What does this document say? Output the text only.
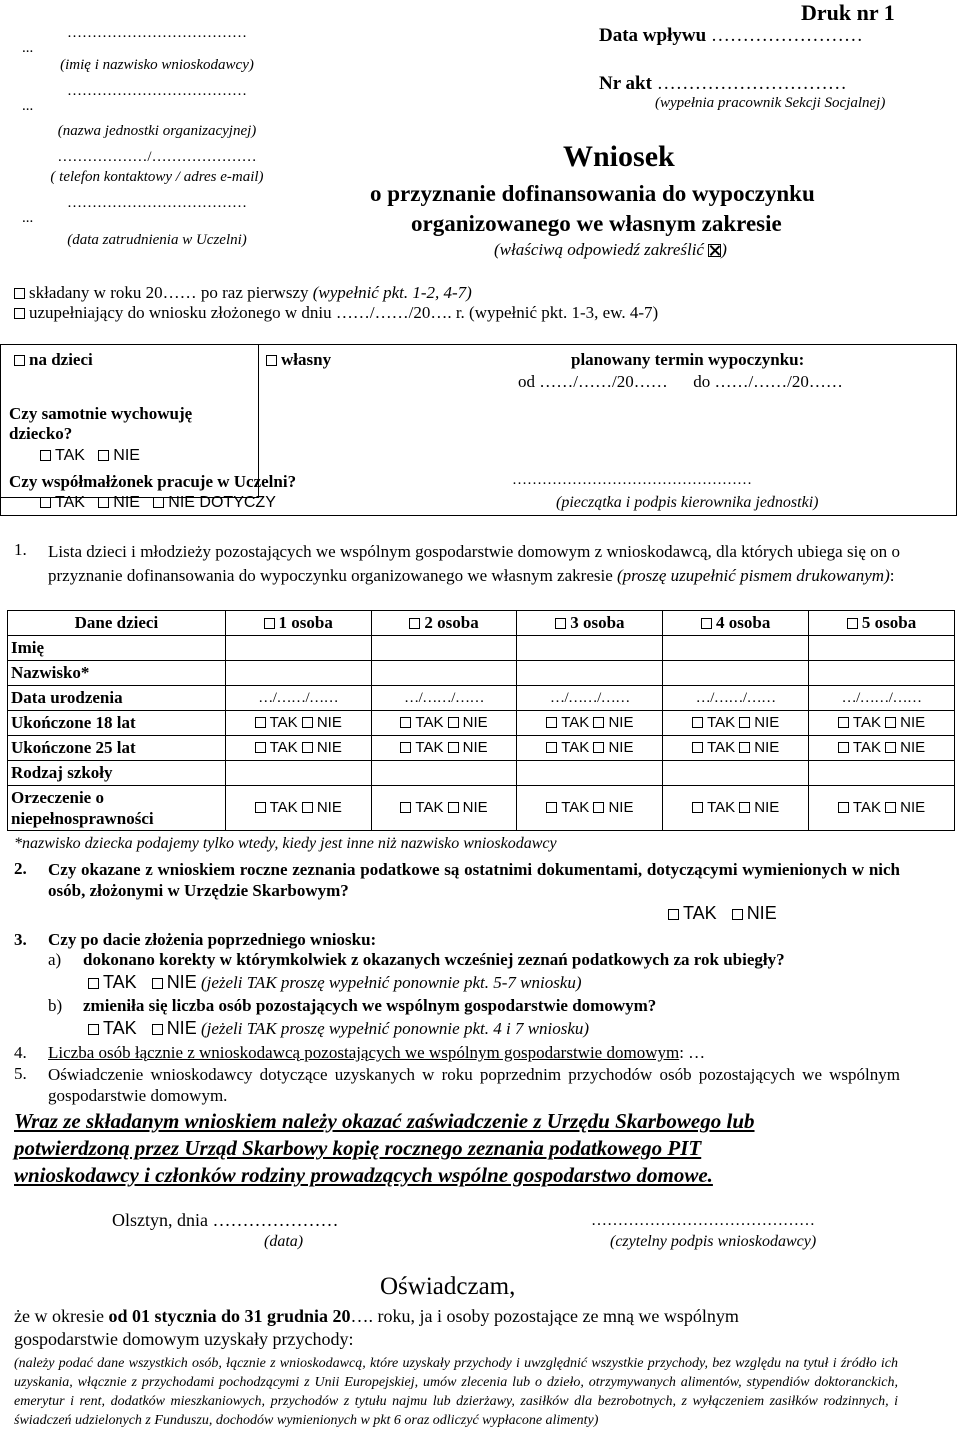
Druk nr 1
………………………………
...
(imię i nazwisko wnioskodawcy)
………………………………
...
(nazwa jednostki organizacyjnej)
………………/…………………
( telefon kontaktowy / adres e-mail)
………………………………
...
(data zatrudnienia w Uczelni)
Data wpływu ……………………
Nr akt …………………………
(wypełnia pracownik Sekcji Socjalnej)
Wniosek
o przyznanie dofinansowania do wypoczynku
organizowanego we własnym zakresie
(właściwą odpowiedź zakreślić )
składany w roku 20…… po raz pierwszy (wypełnić pkt. 1-2, 4-7)
uzupełniający do wniosku złożonego w dniu ……/……/20…. r. (wypełnić pkt. 1-3, ew. 4-7)
na dzieci	własny
Czy samotnie wychowuję dziecko?
TAK NIE
Czy współmałżonek pracuje w Uczelni?
TAK NIE NIE DOTYCZY
planowany termin wypoczynku:
od ……/……/20…… do ……/……/20……
…………………………………………
(pieczątka i podpis kierownika jednostki)
1. Lista dzieci i młodzieży pozostających we wspólnym gospodarstwie domowym z wnioskodawcą, dla których ubiega się on o przyznanie dofinansowania do wypoczynku organizowanego we własnym zakresie (proszę uzupełnić pismem drukowanym):
Dane dzieci	1 osoba	2 osoba	3 osoba	4 osoba	5 osoba
Imię					
Nazwisko*					
Data urodzenia	…/……/……	…/……/……	…/……/……	…/……/……	…/……/……
Ukończone 18 lat	TAK NIE	TAK NIE	TAK NIE	TAK NIE	TAK NIE
Ukończone 25 lat	TAK NIE	TAK NIE	TAK NIE	TAK NIE	TAK NIE
Rodzaj szkoły					
Orzeczenie o
niepełnosprawności	TAK NIE	TAK NIE	TAK NIE	TAK NIE	TAK NIE
*nazwisko dziecka podajemy tylko wtedy, kiedy jest inne niż nazwisko wnioskodawcy
2. Czy okazane z wnioskiem roczne zeznania podatkowe są ostatnimi dokumentami, dotyczącymi wymienionych w nich osób, złożonymi w Urzędzie Skarbowym?
TAK NIE
3. Czy po dacie złożenia poprzedniego wniosku:
a) dokonano korekty w którymkolwiek z okazanych wcześniej zeznań podatkowych za rok ubiegły?
TAK NIE (jeżeli TAK proszę wypełnić ponownie pkt. 5-7 wniosku)
b) zmieniła się liczba osób pozostających we wspólnym gospodarstwie domowym?
TAK NIE (jeżeli TAK proszę wypełnić ponownie pkt. 4 i 7 wniosku)
4. Liczba osób łącznie z wnioskodawcą pozostających we wspólnym gospodarstwie domowym: …
5. Oświadczenie wnioskodawcy dotyczące uzyskanych w roku poprzednim przychodów osób pozostających we wspólnym gospodarstwie domowym.
Wraz ze składanym wnioskiem należy okazać zaświadczenie z Urzędu Skarbowego lub
potwierdzoną przez Urząd Skarbowy kopię rocznego zeznania podatkowego PIT
wnioskodawcy i członków rodziny prowadzących wspólne gospodarstwo domowe.
Olsztyn, dnia …………………
(data)
……………………………………
(czytelny podpis wnioskodawcy)
Oświadczam,
że w okresie od 01 stycznia do 31 grudnia 20…. roku, ja i osoby pozostające ze mną we wspólnym
gospodarstwie domowym uzyskały przychody:
(należy podać dane wszystkich osób, łącznie z wnioskodawcą, które uzyskały przychody i uwzględnić wszystkie przychody, bez względu na tytuł i źródło ich uzyskania, włącznie z przychodami pochodzącymi z Unii Europejskiej, umów zlecenia lub o dzieło, otrzymywanych alimentów, stypendiów doktoranckich, emerytur i rent, dodatków mieszkaniowych, przychodów z tytułu najmu lub dzierżawy, zasiłków dla bezrobotnych, z wyłączeniem zasiłków rodzinnych, i świadczeń udzielonych z Funduszu, dochodów wymienionych w pkt 6 oraz odliczyć wypłacone alimenty)
